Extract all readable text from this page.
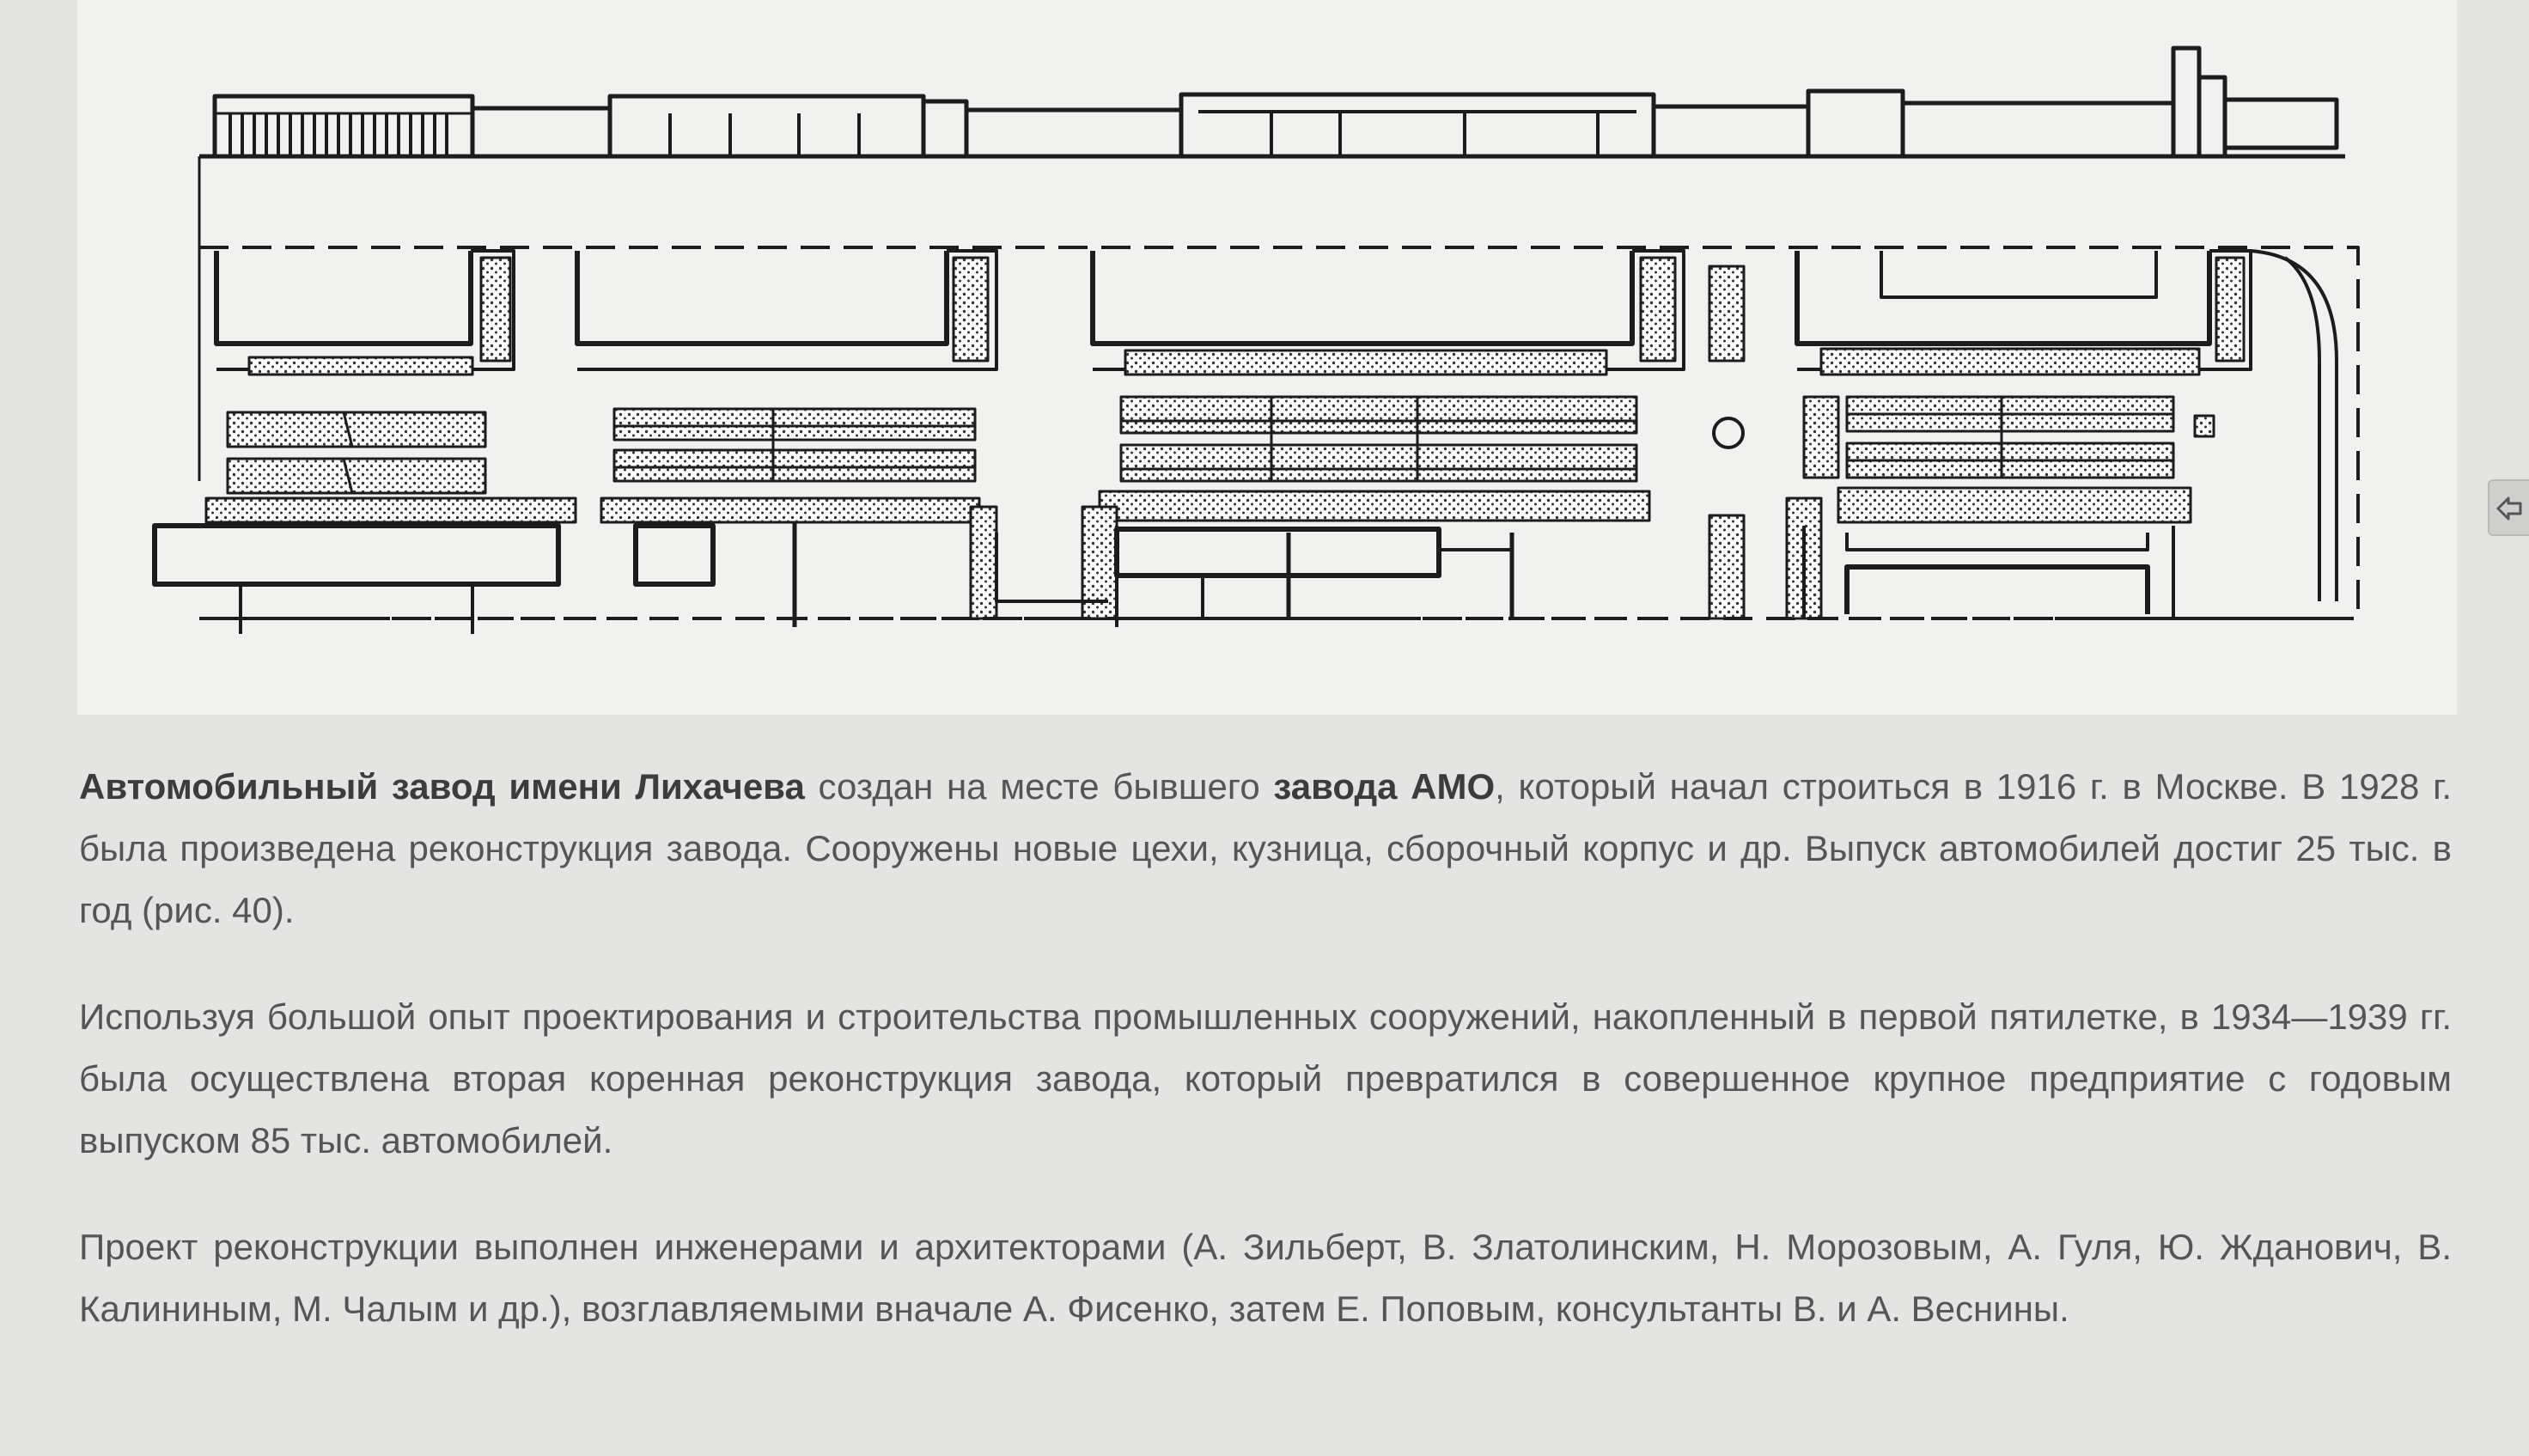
Автомобильный завод имени Лихачева создан на месте бывшего завода АМО, который начал строиться в 1916 г. в Москве. В 1928 г. была произведена реконструкция завода. Сооружены новые цехи, кузница, сборочный корпус и др. Выпуск автомобилей достиг 25 тыс. в год (рис. 40).

Используя большой опыт проектирования и строительства промышленных сооружений, накопленный в первой пятилетке, в 1934—1939 гг. была осуществлена вторая коренная реконструкция завода, который превратился в совершенное крупное предприятие с годовым выпуском 85 тыс. автомобилей.

Проект реконструкции выполнен инженерами и архитекторами (А. Зильберт, В. Златолинским, Н. Морозовым, А. Гуля, Ю. Жданович, В. Калининым, М. Чалым и др.), возглавляемыми вначале А. Фисенко, затем Е. Поповым, консультанты В. и А. Веснины.
